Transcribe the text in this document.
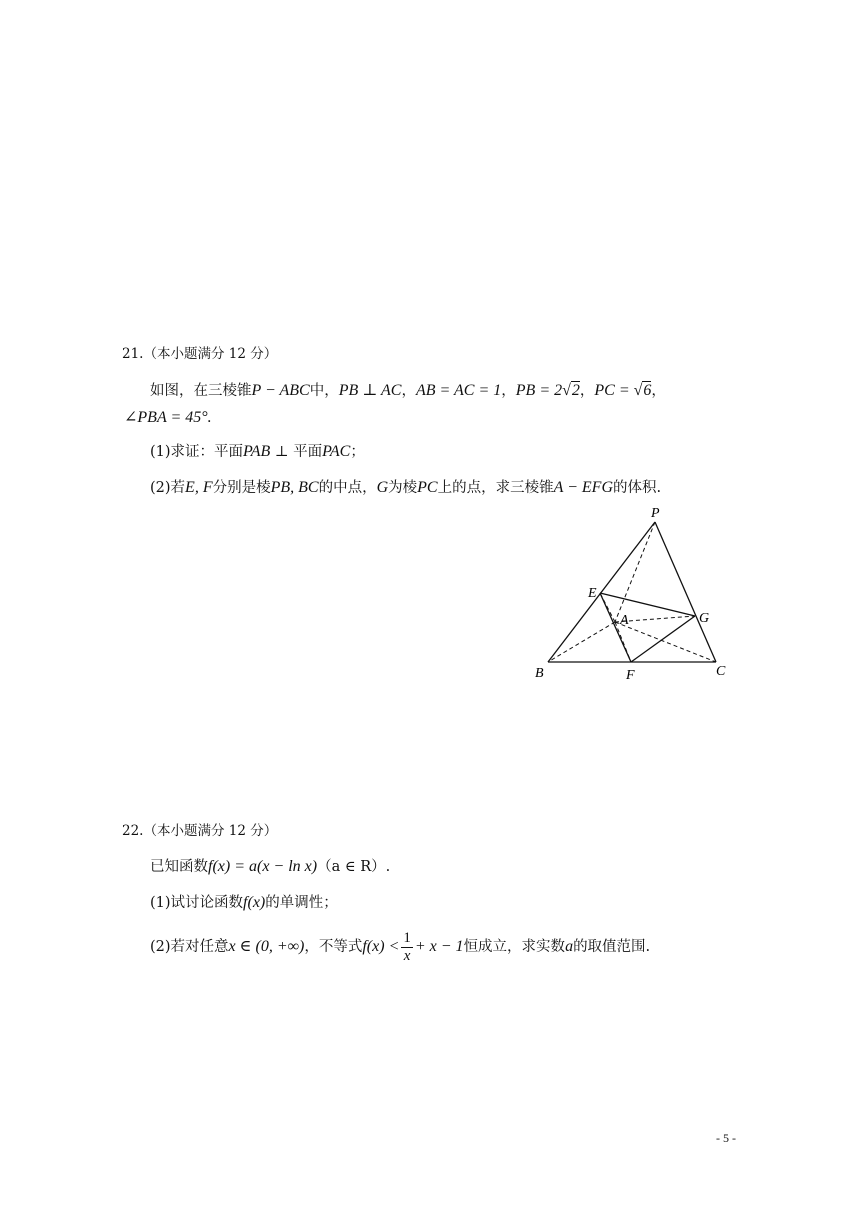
21.（本小题满分 12 分）
如图，在三棱锥P − ABC中，PB ⊥ AC，AB = AC = 1，PB = 2√2，PC = √6，
∠PBA = 45°.
(1)求证：平面PAB ⊥ 平面PAC；
(2)若E, F分别是棱PB, BC的中点，G为棱PC上的点，求三棱锥A − EFG的体积.
P
E
A	G
B	F	C
22.（本小题满分 12 分）
已知函数f(x) = a(x − ln x)（a ∈ R）.
(1)试讨论函数f(x)的单调性；
(2)若对任意x ∈ (0, +∞)，不等式$f(x) < \frac{1}{x} + x - 1$恒成立，求实数a的取值范围.
- 5 -
